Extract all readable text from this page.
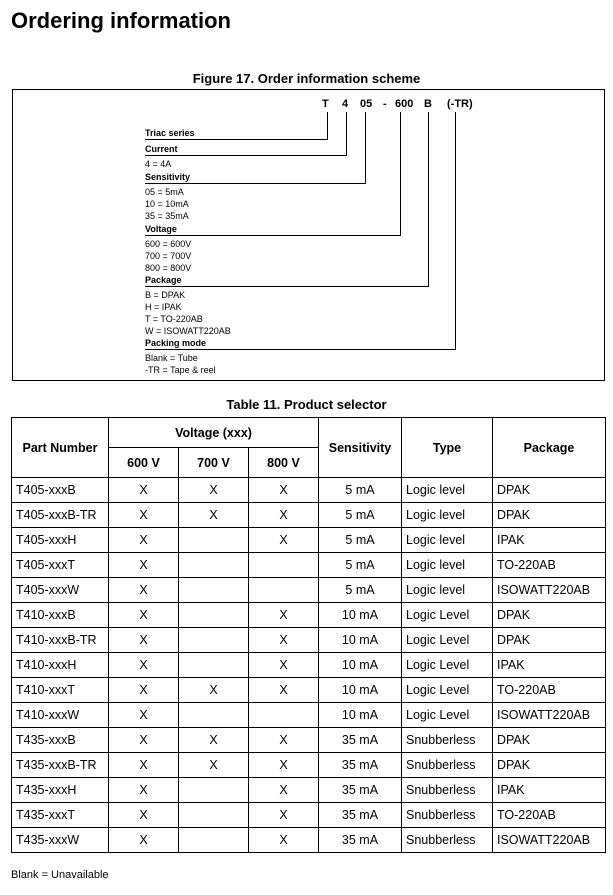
Ordering information
Figure 17. Order information scheme
T 4 05 - 600 B (-TR)
Triac series
Current
4 = 4A
Sensitivity
05 = 5mA
10 = 10mA
35 = 35mA
Voltage
600 = 600V
700 = 700V
800 = 800V
Package
B = DPAK
H = IPAK
T = TO-220AB
W = ISOWATT220AB
Packing mode
Blank = Tube
-TR = Tape & reel
Table 11. Product selector
Part Number	Voltage (xxx)			Sensitivity	Type	Package
	600 V	700 V	800 V			
T405-xxxB	X	X	X	5 mA	Logic level	DPAK
T405-xxxB-TR	X	X	X	5 mA	Logic level	DPAK
T405-xxxH	X		X	5 mA	Logic level	IPAK
T405-xxxT	X			5 mA	Logic level	TO-220AB
T405-xxxW	X			5 mA	Logic level	ISOWATT220AB
T410-xxxB	X		X	10 mA	Logic Level	DPAK
T410-xxxB-TR	X		X	10 mA	Logic Level	DPAK
T410-xxxH	X		X	10 mA	Logic Level	IPAK
T410-xxxT	X	X	X	10 mA	Logic Level	TO-220AB
T410-xxxW	X			10 mA	Logic Level	ISOWATT220AB
T435-xxxB	X	X	X	35 mA	Snubberless	DPAK
T435-xxxB-TR	X	X	X	35 mA	Snubberless	DPAK
T435-xxxH	X		X	35 mA	Snubberless	IPAK
T435-xxxT	X		X	35 mA	Snubberless	TO-220AB
T435-xxxW	X		X	35 mA	Snubberless	ISOWATT220AB
Blank = Unavailable
